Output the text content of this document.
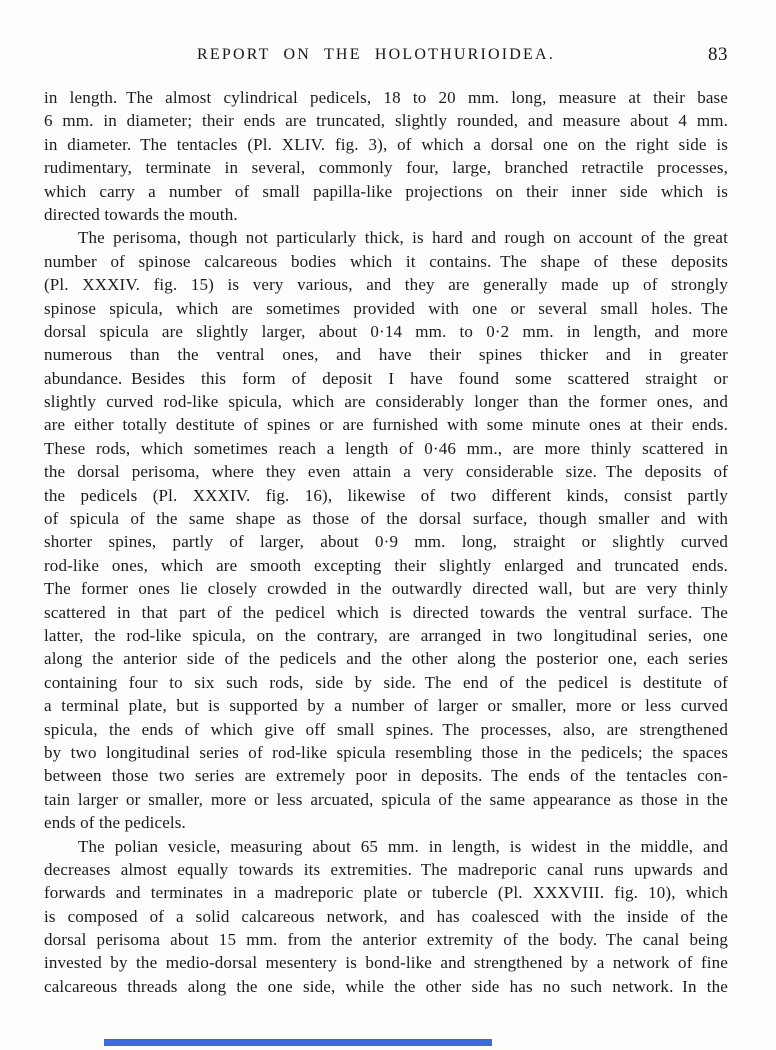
REPORT ON THE HOLOTHURIOIDEA.	83
in length. The almost cylindrical pedicels, 18 to 20 mm. long, measure at their base
6 mm. in diameter; their ends are truncated, slightly rounded, and measure about 4 mm.
in diameter. The tentacles (Pl. XLIV. fig. 3), of which a dorsal one on the right side is
rudimentary, terminate in several, commonly four, large, branched retractile processes,
which carry a number of small papilla-like projections on their inner side which is
directed towards the mouth.
The perisoma, though not particularly thick, is hard and rough on account of the great
number of spinose calcareous bodies which it contains. The shape of these deposits
(Pl. XXXIV. fig. 15) is very various, and they are generally made up of strongly
spinose spicula, which are sometimes provided with one or several small holes. The
dorsal spicula are slightly larger, about 0·14 mm. to 0·2 mm. in length, and more
numerous than the ventral ones, and have their spines thicker and in greater
abundance. Besides this form of deposit I have found some scattered straight or
slightly curved rod-like spicula, which are considerably longer than the former ones, and
are either totally destitute of spines or are furnished with some minute ones at their ends.
These rods, which sometimes reach a length of 0·46 mm., are more thinly scattered in
the dorsal perisoma, where they even attain a very considerable size. The deposits of
the pedicels (Pl. XXXIV. fig. 16), likewise of two different kinds, consist partly
of spicula of the same shape as those of the dorsal surface, though smaller and with
shorter spines, partly of larger, about 0·9 mm. long, straight or slightly curved
rod-like ones, which are smooth excepting their slightly enlarged and truncated ends.
The former ones lie closely crowded in the outwardly directed wall, but are very thinly
scattered in that part of the pedicel which is directed towards the ventral surface. The
latter, the rod-like spicula, on the contrary, are arranged in two longitudinal series, one
along the anterior side of the pedicels and the other along the posterior one, each series
containing four to six such rods, side by side. The end of the pedicel is destitute of
a terminal plate, but is supported by a number of larger or smaller, more or less curved
spicula, the ends of which give off small spines. The processes, also, are strengthened
by two longitudinal series of rod-like spicula resembling those in the pedicels; the spaces
between those two series are extremely poor in deposits. The ends of the tentacles con-
tain larger or smaller, more or less arcuated, spicula of the same appearance as those in the
ends of the pedicels.
The polian vesicle, measuring about 65 mm. in length, is widest in the middle, and
decreases almost equally towards its extremities. The madreporic canal runs upwards and
forwards and terminates in a madreporic plate or tubercle (Pl. XXXVIII. fig. 10), which
is composed of a solid calcareous network, and has coalesced with the inside of the
dorsal perisoma about 15 mm. from the anterior extremity of the body. The canal being
invested by the medio-dorsal mesentery is bond-like and strengthened by a network of fine
calcareous threads along the one side, while the other side has no such network. In the
